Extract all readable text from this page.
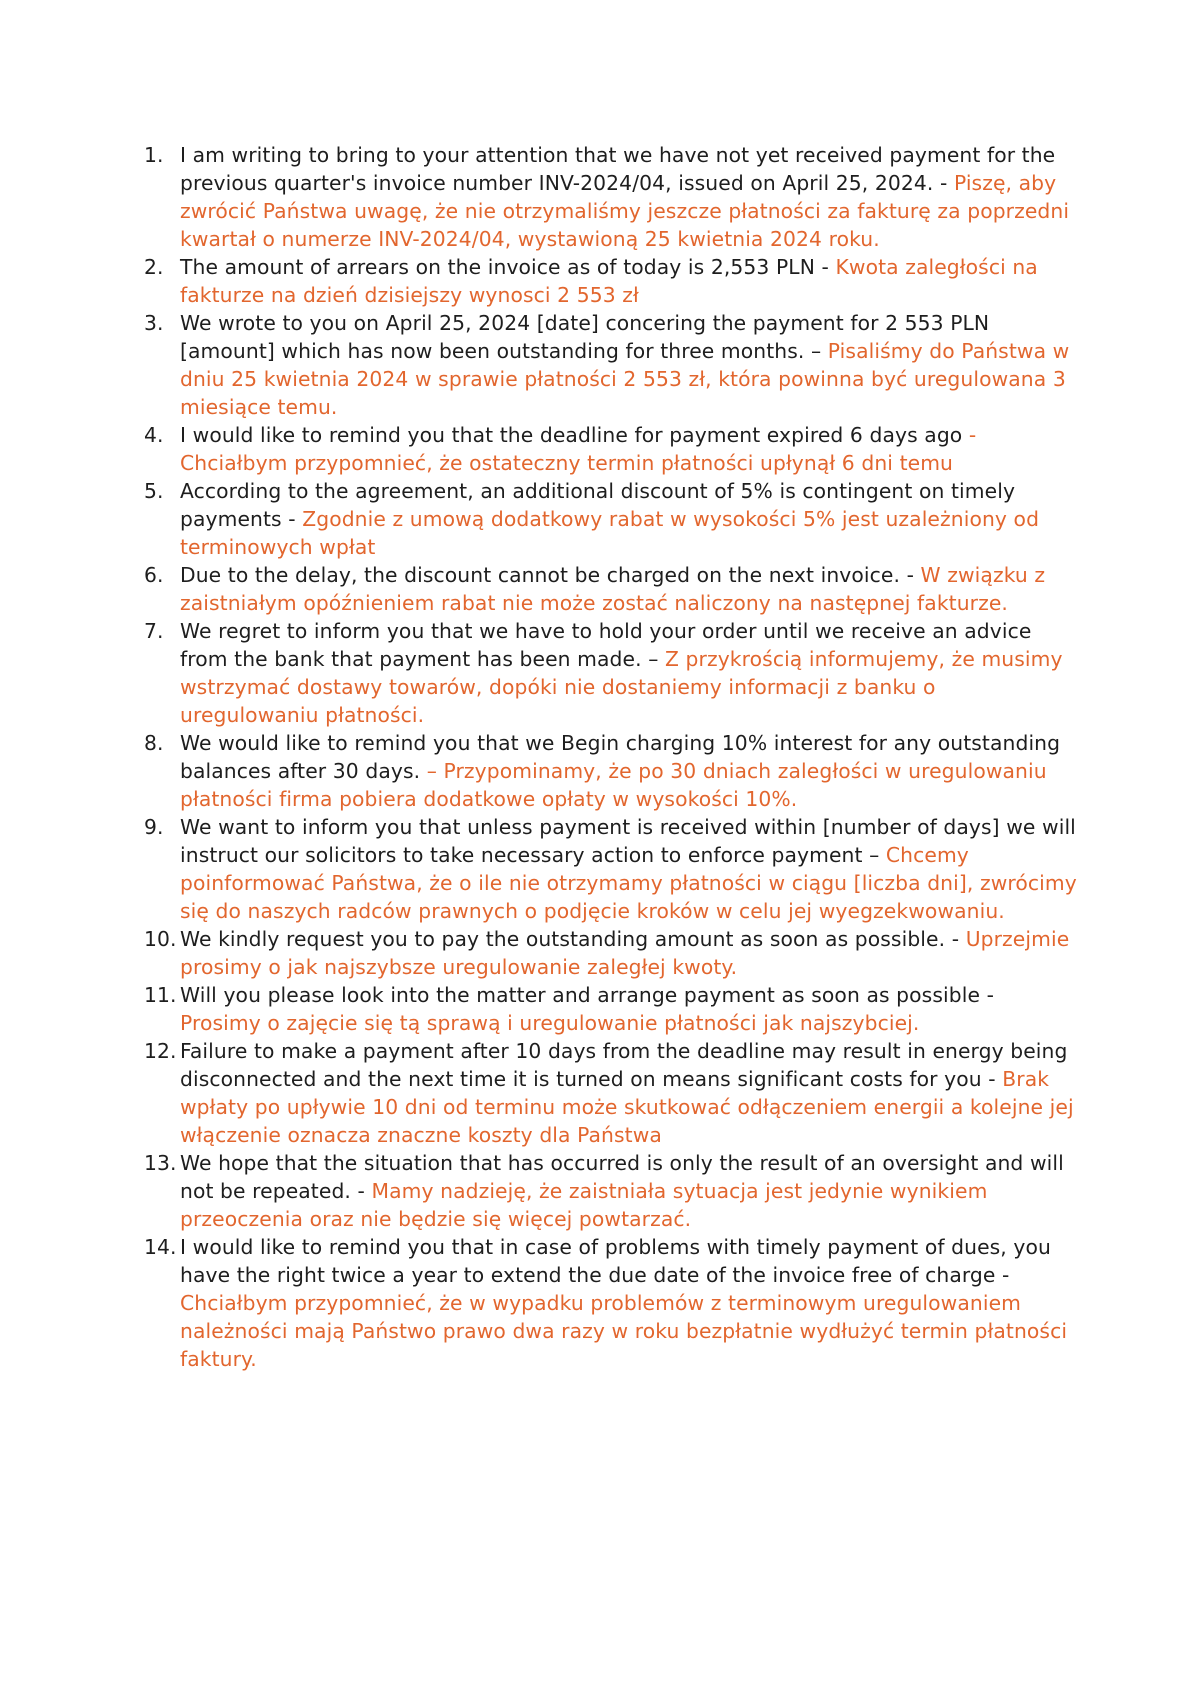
1. I am writing to bring to your attention that we have not yet received payment for the previous quarter's invoice number INV-2024/04, issued on April 25, 2024. - Piszę, aby zwrócić Państwa uwagę, że nie otrzymaliśmy jeszcze płatności za fakturę za poprzedni kwartał o numerze INV-2024/04, wystawioną 25 kwietnia 2024 roku.
2. The amount of arrears on the invoice as of today is 2,553 PLN - Kwota zaległości na fakturze na dzień dzisiejszy wynosci 2 553 zł
3. We wrote to you on April 25, 2024 [date] concering the payment for 2 553 PLN [amount] which has now been outstanding for three months. – Pisaliśmy do Państwa w dniu 25 kwietnia 2024 w sprawie płatności 2 553 zł, która powinna być uregulowana 3 miesiące temu.
4. I would like to remind you that the deadline for payment expired 6 days ago - Chciałbym przypomnieć, że ostateczny termin płatności upłynął 6 dni temu
5. According to the agreement, an additional discount of 5% is contingent on timely payments - Zgodnie z umową dodatkowy rabat w wysokości 5% jest uzależniony od terminowych wpłat
6. Due to the delay, the discount cannot be charged on the next invoice. - W związku z zaistniałym opóźnieniem rabat nie może zostać naliczony na następnej fakturze.
7. We regret to inform you that we have to hold your order until we receive an advice from the bank that payment has been made. – Z przykrością informujemy, że musimy wstrzymać dostawy towarów, dopóki nie dostaniemy informacji z banku o uregulowaniu płatności.
8. We would like to remind you that we Begin charging 10% interest for any outstanding balances after 30 days. – Przypominamy, że po 30 dniach zaległości w uregulowaniu płatności firma pobiera dodatkowe opłaty w wysokości 10%.
9. We want to inform you that unless payment is received within [number of days] we will instruct our solicitors to take necessary action to enforce payment – Chcemy poinformować Państwa, że o ile nie otrzymamy płatności w ciągu [liczba dni], zwrócimy się do naszych radców prawnych o podjęcie kroków w celu jej wyegzekwowaniu.
10. We kindly request you to pay the outstanding amount as soon as possible. - Uprzejmie prosimy o jak najszybsze uregulowanie zaległej kwoty.
11. Will you please look into the matter and arrange payment as soon as possible - Prosimy o zajęcie się tą sprawą i uregulowanie płatności jak najszybciej.
12. Failure to make a payment after 10 days from the deadline may result in energy being disconnected and the next time it is turned on means significant costs for you - Brak wpłaty po upływie 10 dni od terminu może skutkować odłączeniem energii a kolejne jej włączenie oznacza znaczne koszty dla Państwa
13. We hope that the situation that has occurred is only the result of an oversight and will not be repeated. - Mamy nadzieję, że zaistniała sytuacja jest jedynie wynikiem przeoczenia oraz nie będzie się więcej powtarzać.
14. I would like to remind you that in case of problems with timely payment of dues, you have the right twice a year to extend the due date of the invoice free of charge - Chciałbym przypomnieć, że w wypadku problemów z terminowym uregulowaniem należności mają Państwo prawo dwa razy w roku bezpłatnie wydłużyć termin płatności faktury.
